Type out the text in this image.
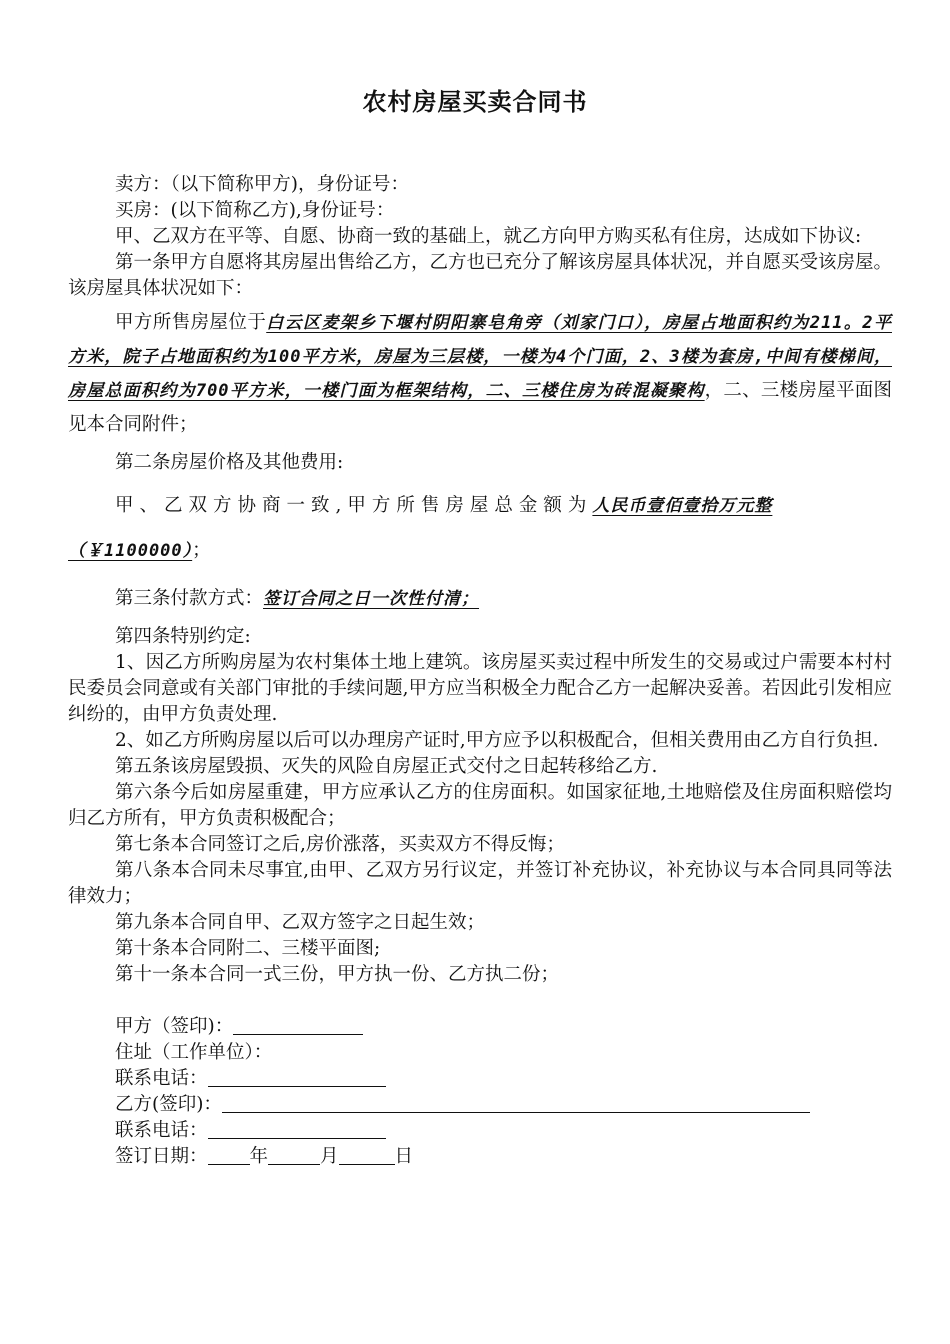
农村房屋买卖合同书

卖方：（以下简称甲方)，身份证号：

买房：(以下简称乙方),身份证号：

甲、乙双方在平等、自愿、协商一致的基础上，就乙方向甲方购买私有住房，达成如下协议:

第一条甲方自愿将其房屋出售给乙方，乙方也已充分了解该房屋具体状况，并自愿买受该房屋。该房屋具体状况如下：

甲方所售房屋位于白云区麦架乡下堰村阴阳寨皂角旁（刘家门口），房屋占地面积约为211。2平方米，院子占地面积约为100平方米，房屋为三层楼，一楼为4个门面，2、3楼为套房,中间有楼梯间，房屋总面积约为700平方米，一楼门面为框架结构，二、三楼住房为砖混凝聚构，二、三楼房屋平面图见本合同附件；

第二条房屋价格及其他费用:

甲、乙双方协商一致,甲方所售房屋总金额为人民币壹佰壹拾万元整

（￥1100000）；

第三条付款方式：签订合同之日一次性付清；

第四条特别约定:

1、因乙方所购房屋为农村集体土地上建筑。该房屋买卖过程中所发生的交易或过户需要本村村民委员会同意或有关部门审批的手续问题,甲方应当积极全力配合乙方一起解决妥善。若因此引发相应纠纷的，由甲方负责处理.

2、如乙方所购房屋以后可以办理房产证时,甲方应予以积极配合，但相关费用由乙方自行负担.

第五条该房屋毁损、灭失的风险自房屋正式交付之日起转移给乙方.

第六条今后如房屋重建，甲方应承认乙方的住房面积。如国家征地,土地赔偿及住房面积赔偿均归乙方所有，甲方负责积极配合；

第七条本合同签订之后,房价涨落，买卖双方不得反悔；

第八条本合同未尽事宜,由甲、乙双方另行议定，并签订补充协议，补充协议与本合同具同等法律效力；

第九条本合同自甲、乙双方签字之日起生效；

第十条本合同附二、三楼平面图;

第十一条本合同一式三份，甲方执一份、乙方执二份；

甲方（签印)：

住址（工作单位）：

联系电话：

乙方(签印)：

联系电话：

签订日期： 年	月	日
